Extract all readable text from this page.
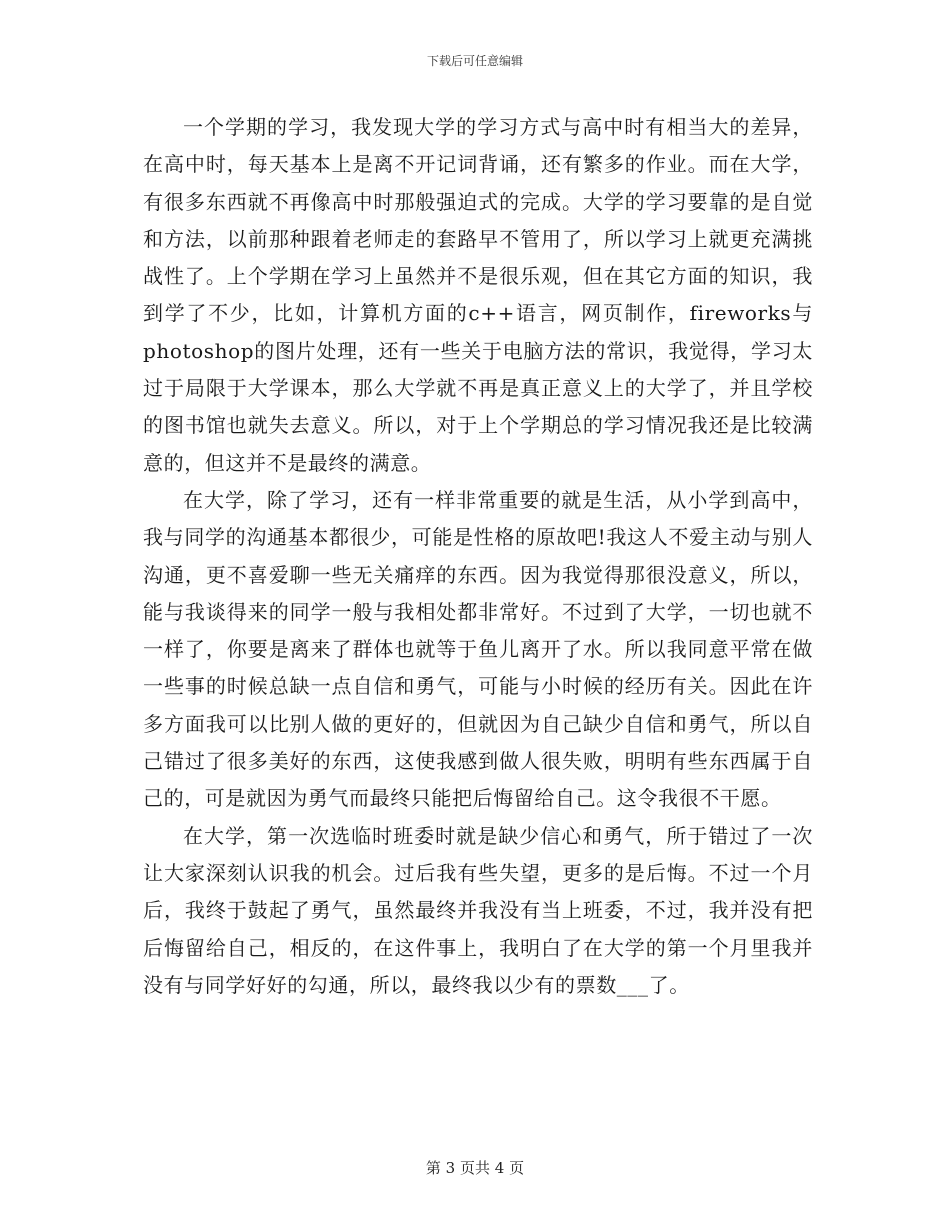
下载后可任意编辑

一个学期的学习，我发现大学的学习方式与高中时有相当大的差异，在高中时，每天基本上是离不开记词背诵，还有繁多的作业。而在大学，有很多东西就不再像高中时那般强迫式的完成。大学的学习要靠的是自觉和方法，以前那种跟着老师走的套路早不管用了，所以学习上就更充满挑战性了。上个学期在学习上虽然并不是很乐观，但在其它方面的知识，我到学了不少，比如，计算机方面的c++语言，网页制作，fireworks与photoshop的图片处理，还有一些关于电脑方法的常识，我觉得，学习太过于局限于大学课本，那么大学就不再是真正意义上的大学了，并且学校的图书馆也就失去意义。所以，对于上个学期总的学习情况我还是比较满意的，但这并不是最终的满意。

在大学，除了学习，还有一样非常重要的就是生活，从小学到高中，我与同学的沟通基本都很少，可能是性格的原故吧!我这人不爱主动与别人沟通，更不喜爱聊一些无关痛痒的东西。因为我觉得那很没意义，所以，能与我谈得来的同学一般与我相处都非常好。不过到了大学，一切也就不一样了，你要是离来了群体也就等于鱼儿离开了水。所以我同意平常在做一些事的时候总缺一点自信和勇气，可能与小时候的经历有关。因此在许多方面我可以比别人做的更好的，但就因为自己缺少自信和勇气，所以自己错过了很多美好的东西，这使我感到做人很失败，明明有些东西属于自己的，可是就因为勇气而最终只能把后悔留给自己。这令我很不干愿。

在大学，第一次选临时班委时就是缺少信心和勇气，所于错过了一次让大家深刻认识我的机会。过后我有些失望，更多的是后悔。不过一个月后，我终于鼓起了勇气，虽然最终并我没有当上班委，不过，我并没有把后悔留给自己，相反的，在这件事上，我明白了在大学的第一个月里我并没有与同学好好的勾通，所以，最终我以少有的票数___了。

第 3 页共 4 页
